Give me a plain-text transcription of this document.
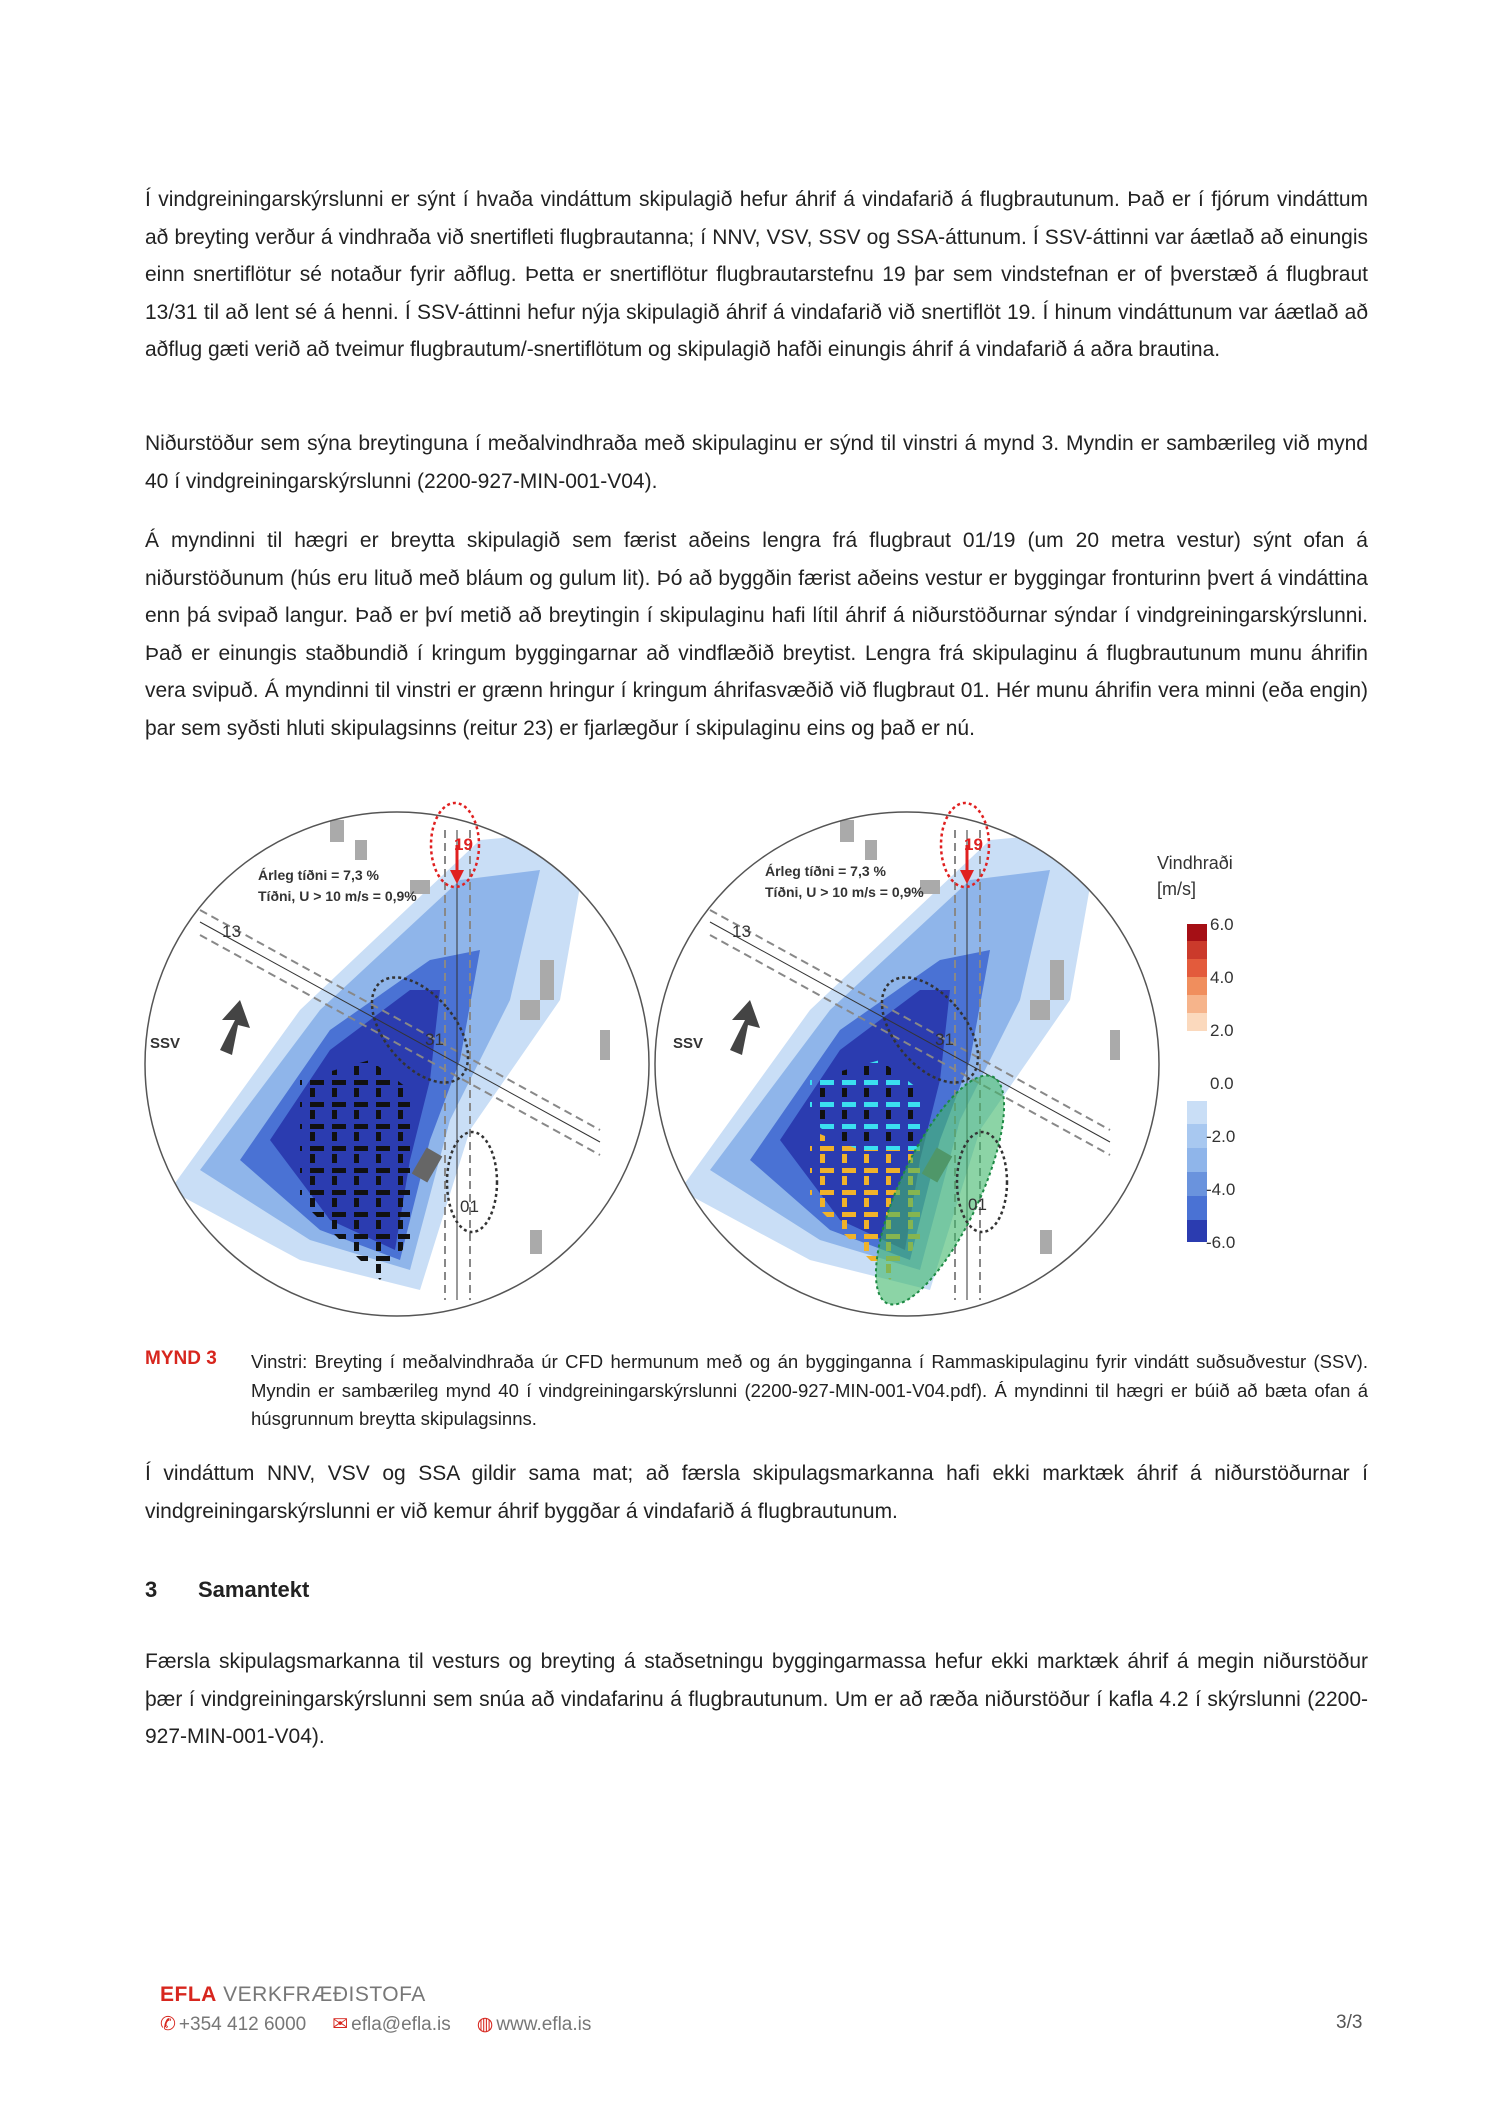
Í vindgreiningarskýrslunni er sýnt í hvaða vindáttum skipulagið hefur áhrif á vindafarið á flugbrautunum. Það er í fjórum vindáttum að breyting verður á vindhraða við snertifleti flugbrautanna; í NNV, VSV, SSV og SSA-áttunum. Í SSV-áttinni var áætlað að einungis einn snertiflötur sé notaður fyrir aðflug. Þetta er snertiflötur flugbrautarstefnu 19 þar sem vindstefnan er of þverstæð á flugbraut 13/31 til að lent sé á henni. Í SSV-áttinni hefur nýja skipulagið áhrif á vindafarið við snertiflöt 19. Í hinum vindáttunum var áætlað að aðflug gæti verið að tveimur flugbrautum/-snertiflötum og skipulagið hafði einungis áhrif á vindafarið á aðra brautina.

Niðurstöður sem sýna breytinguna í meðalvindhraða með skipulaginu er sýnd til vinstri á mynd 3. Myndin er sambærileg við mynd 40 í vindgreiningarskýrslunni (2200-927-MIN-001-V04).

Á myndinni til hægri er breytta skipulagið sem færist aðeins lengra frá flugbraut 01/19 (um 20 metra vestur) sýnt ofan á niðurstöðunum (hús eru lituð með bláum og gulum lit). Þó að byggðin færist aðeins vestur er byggingar fronturinn þvert á vindáttina enn þá svipað langur. Það er því metið að breytingin í skipulaginu hafi lítil áhrif á niðurstöðurnar sýndar í vindgreiningarskýrslunni. Það er einungis staðbundið í kringum byggingarnar að vindflæðið breytist. Lengra frá skipulaginu á flugbrautunum munu áhrifin vera svipuð. Á myndinni til vinstri er grænn hringur í kringum áhrifasvæðið við flugbraut 01. Hér munu áhrifin vera minni (eða engin) þar sem syðsti hluti skipulagsinns (reitur 23) er fjarlægður í skipulaginu eins og það er nú.

19
13
31
01
SSV
Árleg tíðni = 7,3 %
Tíðni, U > 10 m/s = 0,9%
19
13
31
01
SSV
Árleg tíðni = 7,3 %
Tíðni, U > 10 m/s = 0,9%
Vindhraði
[m/s]
6.0
4.0
2.0
0.0
-2.0
-4.0
-6.0
MYND 3 Vinstri: Breyting í meðalvindhraða úr CFD hermunum með og án bygginganna í Rammaskipulaginu fyrir vindátt suðsuðvestur (SSV). Myndin er sambærileg mynd 40 í vindgreiningarskýrslunni (2200-927-MIN-001-V04.pdf). Á myndinni til hægri er búið að bæta ofan á húsgrunnum breytta skipulagsinns.

Í vindáttum NNV, VSV og SSA gildir sama mat; að færsla skipulagsmarkanna hafi ekki marktæk áhrif á niðurstöðurnar í vindgreiningarskýrslunni er við kemur áhrif byggðar á vindafarið á flugbrautunum.

3 Samantekt

Færsla skipulagsmarkanna til vesturs og breyting á staðsetningu byggingarmassa hefur ekki marktæk áhrif á megin niðurstöður þær í vindgreiningarskýrslunni sem snúa að vindafarinu á flugbrautunum. Um er að ræða niðurstöður í kafla 4.2 í skýrslunni (2200-927-MIN-001-V04).

EFLA VERKFRÆÐISTOFA
✆ +354 412 6000 ✉ efla@efla.is ◍ www.efla.is	3/3
